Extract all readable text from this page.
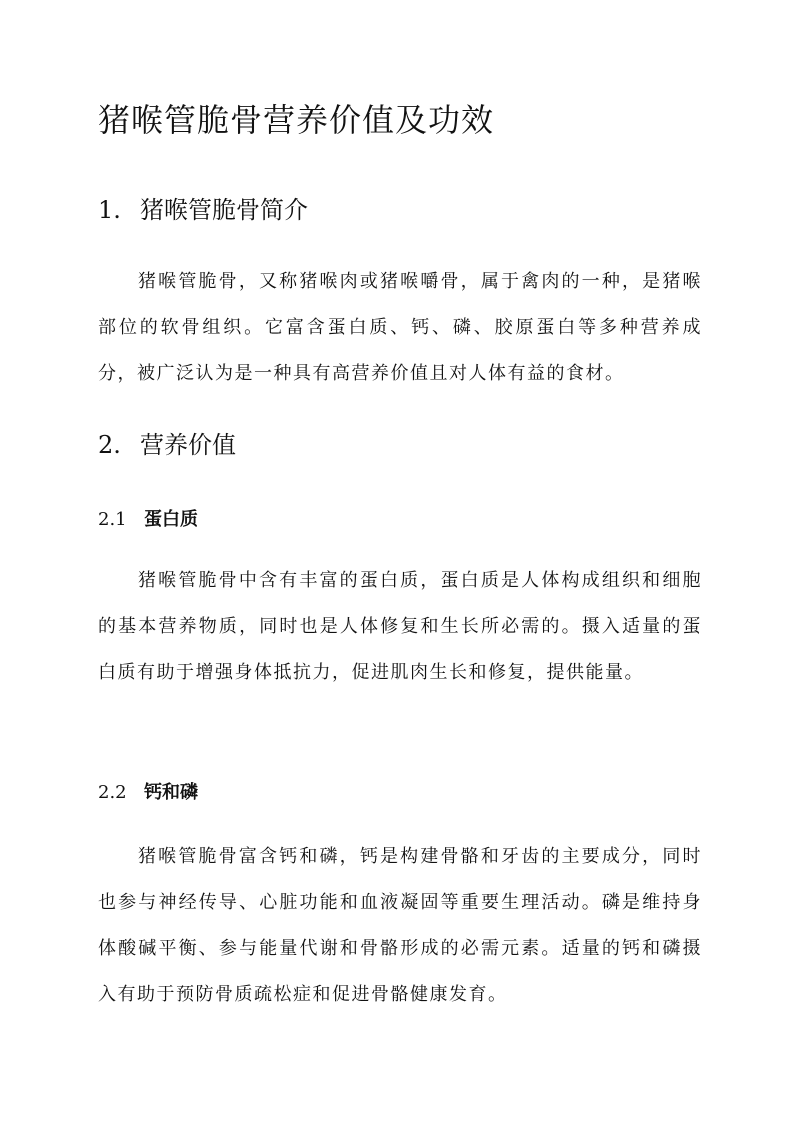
猪喉管脆骨营养价值及功效
1. 猪喉管脆骨简介

猪喉管脆骨，又称猪喉肉或猪喉嚼骨，属于禽肉的一种，是猪喉部位的软骨组织。它富含蛋白质、钙、磷、胶原蛋白等多种营养成分，被广泛认为是一种具有高营养价值且对人体有益的食材。

2. 营养价值
2.1 蛋白质

猪喉管脆骨中含有丰富的蛋白质，蛋白质是人体构成组织和细胞的基本营养物质，同时也是人体修复和生长所必需的。摄入适量的蛋白质有助于增强身体抵抗力，促进肌肉生长和修复，提供能量。

2.2 钙和磷

猪喉管脆骨富含钙和磷，钙是构建骨骼和牙齿的主要成分，同时也参与神经传导、心脏功能和血液凝固等重要生理活动。磷是维持身体酸碱平衡、参与能量代谢和骨骼形成的必需元素。适量的钙和磷摄入有助于预防骨质疏松症和促进骨骼健康发育。
